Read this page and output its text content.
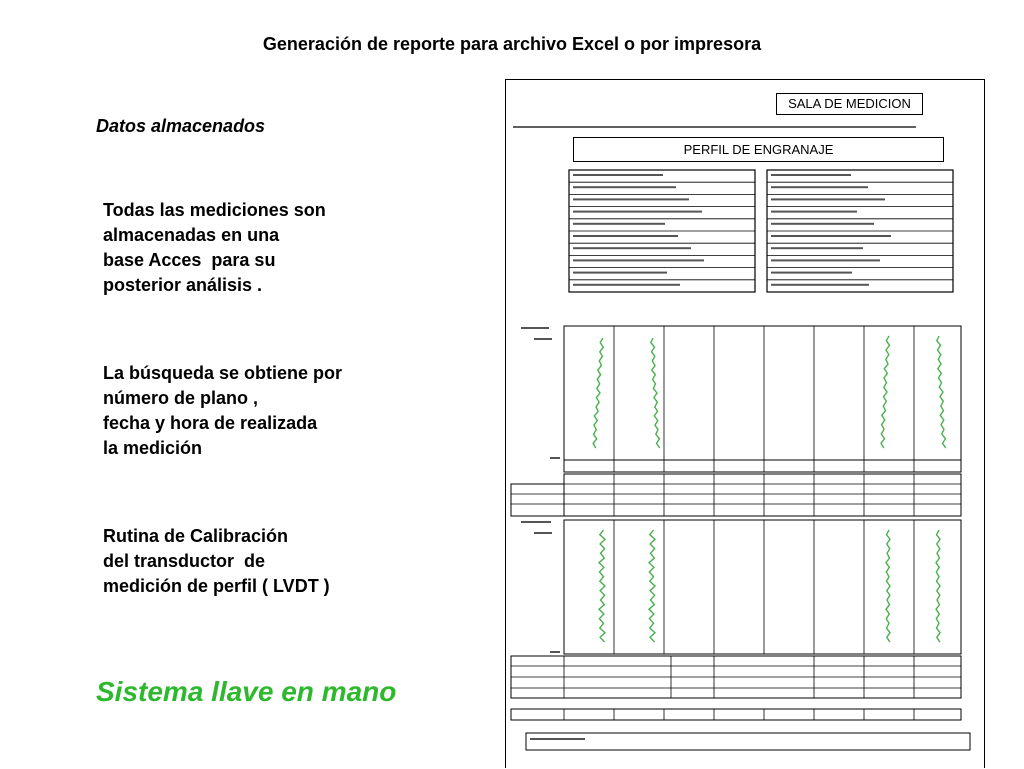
Generación de reporte para archivo Excel o por impresora
Datos almacenados
Todas las mediciones son
almacenadas en una
base Acces  para su
posterior análisis .
La búsqueda se obtiene por
número de plano ,
fecha y hora de realizada
la medición
Rutina de Calibración
del transductor  de
medición de perfil ( LVDT )
Sistema llave en mano
SALA DE MEDICION
PERFIL DE ENGRANAJE
